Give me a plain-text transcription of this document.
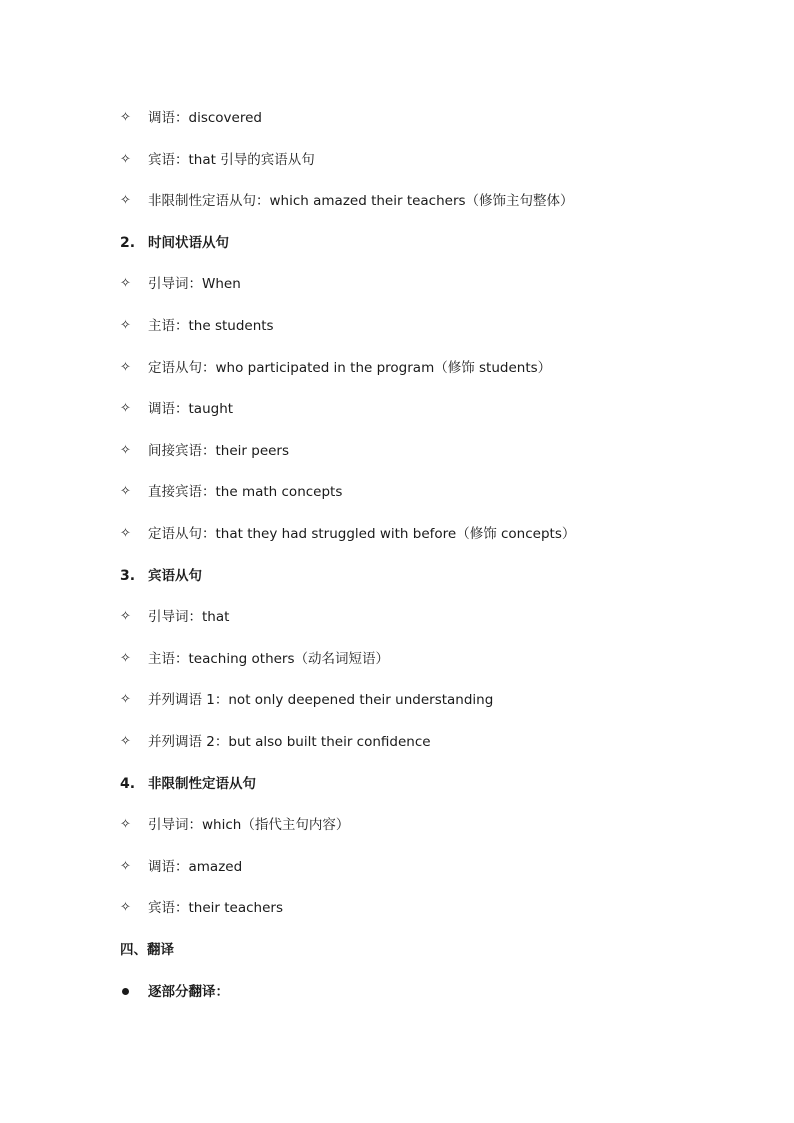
✧	调语：discovered
✧	宾语：that 引导的宾语从句
✧	非限制性定语从句：which amazed their teachers（修饰主句整体）
2. 时间状语从句
✧	引导词：When
✧	主语：the students
✧	定语从句：who participated in the program（修饰 students）
✧	调语：taught
✧	间接宾语：their peers
✧	直接宾语：the math concepts
✧	定语从句：that they had struggled with before（修饰 concepts）
3. 宾语从句
✧	引导词：that
✧	主语：teaching others（动名词短语）
✧	并列调语 1：not only deepened their understanding
✧	并列调语 2：but also built their confidence
4. 非限制性定语从句
✧	引导词：which（指代主句内容）
✧	调语：amazed
✧	宾语：their teachers
四、翻译
逐部分翻译：
